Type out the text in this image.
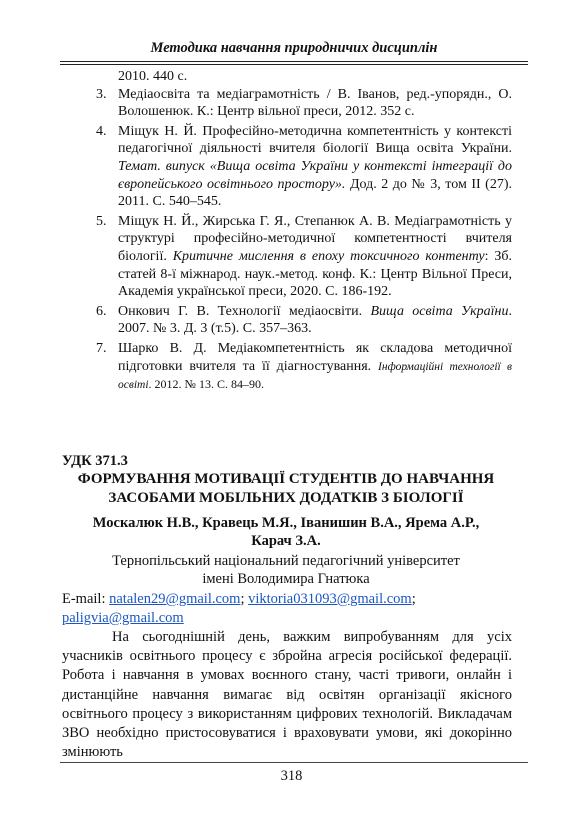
Методика навчання природничих дисциплін
2010. 440 с.
3. Медіаосвіта та медіаграмотність / В. Іванов, ред.-упорядн., О. Волошенюк. К.: Центр вільної преси, 2012. 352 с.
4. Міщук Н. Й. Професійно-методична компетентність у контексті педагогічної діяльності вчителя біології Вища освіта України. Темат. випуск «Вища освіта України у контексті інтеграції до європейського освітнього простору». Дод. 2 до № 3, том ІІ (27). 2011. С. 540–545.
5. Міщук Н. Й., Жирська Г. Я., Степанюк А. В. Медіаграмотність у структурі професійно-методичної компетентності вчителя біології. Критичне мислення в епоху токсичного контенту: Зб. статей 8-ї міжнарод. наук.-метод. конф. К.: Центр Вільної Преси, Академія української преси, 2020. С. 186-192.
6. Онкович Г. В. Технології медіаосвіти. Вища освіта України. 2007. № 3. Д. 3 (т.5). С. 357–363.
7. Шарко В. Д. Медіакомпетентність як складова методичної підготовки вчителя та її діагностування. Інформаційні технології в освіті. 2012. № 13. С. 84–90.
УДК 371.3
ФОРМУВАННЯ МОТИВАЦІЇ СТУДЕНТІВ ДО НАВЧАННЯ
ЗАСОБАМИ МОБІЛЬНИХ ДОДАТКІВ З БІОЛОГІЇ
Москалюк Н.В., Кравець М.Я., Іванишин В.А., Ярема А.Р.,
Карач З.А.
Тернопільський національний педагогічний університет
імені Володимира Гнатюка
E-mail: natalen29@gmail.com; viktoria031093@gmail.com; paligvia@gmail.com
На сьогоднішній день, важким випробуванням для усіх учасників освітнього процесу є збройна агресія російської федерації. Робота і навчання в умовах воєнного стану, часті тривоги, онлайн і дистанційне навчання вимагає від освітян організації якісного освітнього процесу з використанням цифрових технологій. Викладачам ЗВО необхідно пристосовуватися і враховувати умови, які докорінно змінюють
318
